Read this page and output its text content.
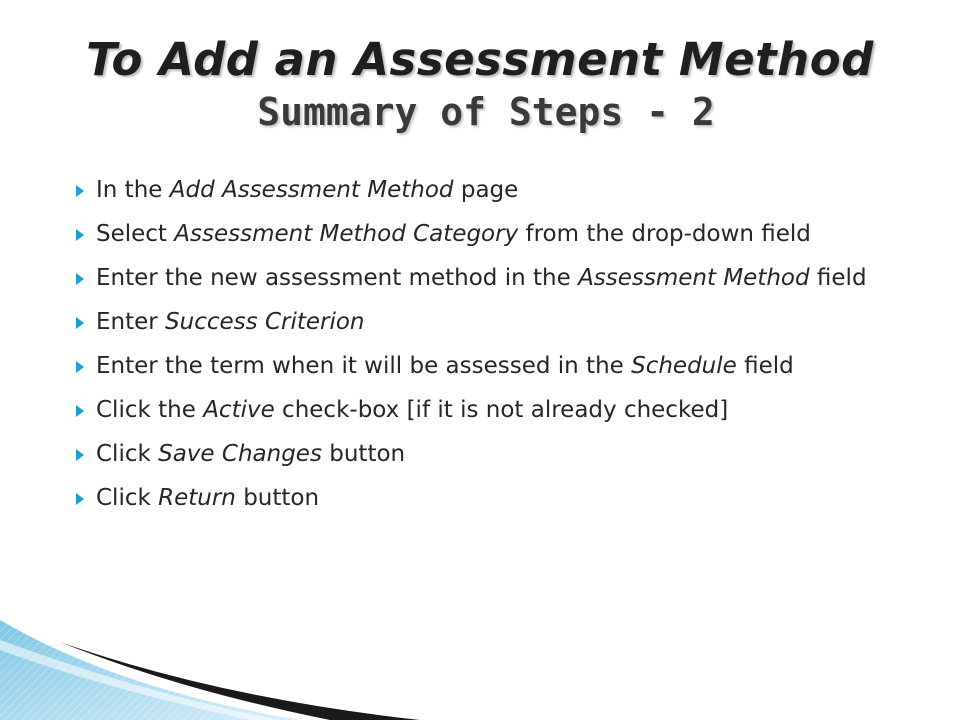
To Add an Assessment Method
Summary of Steps - 2
In the Add Assessment Method page
Select Assessment Method Category from the drop-down field
Enter the new assessment method in the Assessment Method field
Enter Success Criterion
Enter the term when it will be assessed in the Schedule field
Click the Active check-box [if it is not already checked]
Click Save Changes button
Click Return button
